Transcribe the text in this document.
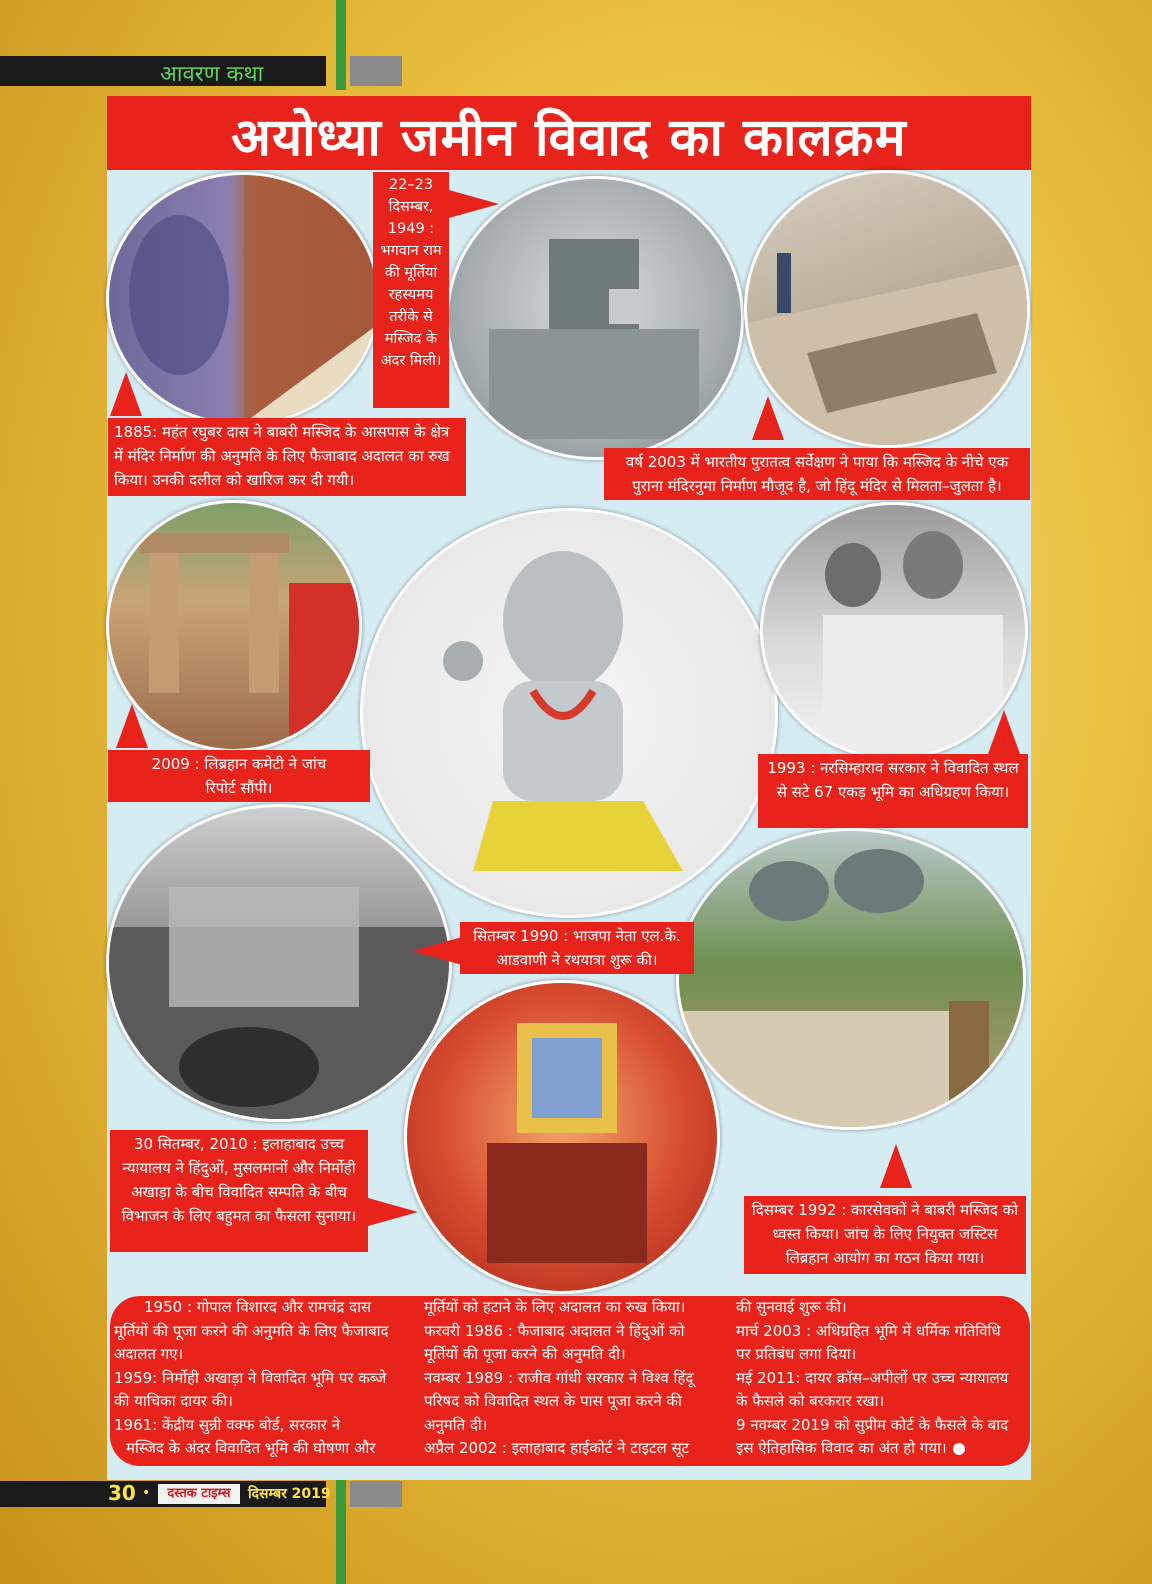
आवरण कथा
अयोध्या जमीन विवाद का कालक्रम
22–23 दिसम्बर, 1949 : भगवान राम की मूर्तियां रहस्यमय तरीके से मस्जिद के अंदर मिली।
1885: महंत रघुबर दास ने बाबरी मस्जिद के आसपास के क्षेत्र में मंदिर निर्माण की अनुमति के लिए फैजाबाद अदालत का रुख किया। उनकी दलील को खारिज कर दी गयी।
वर्ष 2003 में भारतीय पुरातत्व सर्वेक्षण ने पाया कि मस्जिद के नीचे एक पुराना मंदिरनुमा निर्माण मौजूद है, जो हिंदू मंदिर से मिलता–जुलता है।
2009 : लिब्रहान कमेटी ने जांच रिपोर्ट सौंपी।
1993 : नरसिम्हाराव सरकार ने विवादित स्थल से सटे 67 एकड़ भूमि का अधिग्रहण किया।
सितम्बर 1990 : भाजपा नेता एल.के. आडवाणी ने रथयात्रा शुरू की।
30 सितम्बर, 2010 : इलाहाबाद उच्च न्यायालय ने हिंदुओं, मुसलमानों और निर्मोही अखाड़ा के बीच विवादित सम्पति के बीच विभाजन के लिए बहुमत का फैसला सुनाया।	दिसम्बर 1992 : कारसेवकों ने बाबरी मस्जिद को ध्वस्त किया। जांच के लिए नियुक्त जस्टिस लिब्रहान आयोग का गठन किया गया।
1950 : गोपाल विशारद और रामचंद्र दास
मूर्तियों की पूजा करने की अनुमति के लिए फैजाबाद
अदालत गए।
1959: निर्मोही अखाड़ा ने विवादित भूमि पर कब्जे
की याचिका दायर की।
1961: केंद्रीय सुन्नी वक्फ बोर्ड, सरकार ने
मस्जिद के अंदर विवादित भूमि की घोषणा और
मूर्तियों को हटाने के लिए अदालत का रुख किया।
फरवरी 1986 : फैजाबाद अदालत ने हिंदुओं को
मूर्तियों की पूजा करने की अनुमति दी।
नवम्बर 1989 : राजीव गांधी सरकार ने विश्व हिंदू
परिषद को विवादित स्थल के पास पूजा करने की
अनुमति दी।
अप्रैल 2002 : इलाहाबाद हाईकोर्ट ने टाइटल सूट
की सुनवाई शुरू की।
मार्च 2003 : अधिग्रहित भूमि में धर्मिक गतिविधि
पर प्रतिबंध लगा दिया।
मई 2011: दायर क्रॉस–अपीलों पर उच्च न्यायालय
के फैसले को बरकरार रखा।
9 नवम्बर 2019 को सुप्रीम कोर्ट के फैसले के बाद
इस ऐतिहासिक विवाद का अंत हो गया।
30 •	दस्तक टाइम्स	दिसम्बर 2019
